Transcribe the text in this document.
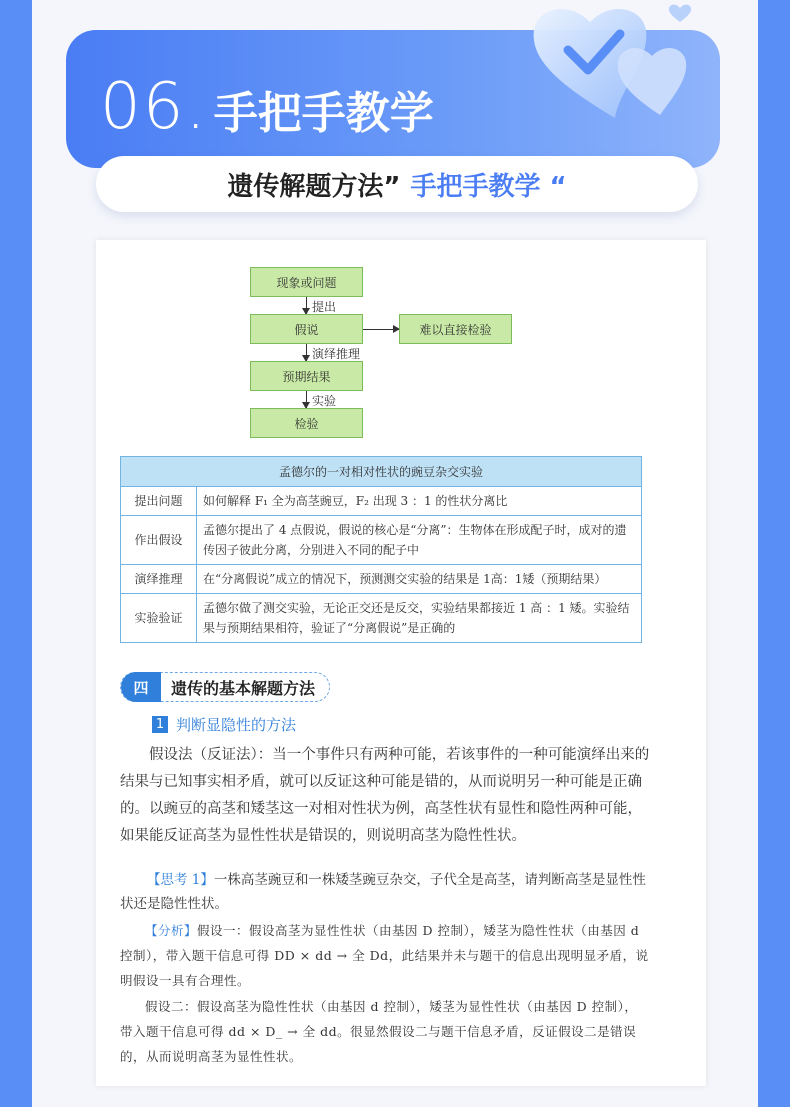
06. 手把手教学
遗传解题方法” 手把手教学 “
现象或问题
提出
假说	难以直接检验
演绎推理
预期结果
实验
检验
孟德尔的一对相对性状的豌豆杂交实验	
提出问题	如何解释 F₁ 全为高茎豌豆，F₂ 出现 3 ：1 的性状分离比
作出假设	孟德尔提出了 4 点假说，假说的核心是“分离”：生物体在形成配子时，成对的遗传因子彼此分离，分别进入不同的配子中
演绎推理	在“分离假说”成立的情况下，预测测交实验的结果是 1高：1矮（预期结果）
实验验证	孟德尔做了测交实验，无论正交还是反交，实验结果都接近 1 高 ：1 矮。实验结果与预期结果相符，验证了“分离假说”是正确的
四	遗传的基本解题方法
1 判断显隐性的方法

假设法（反证法）：当一个事件只有两种可能，若该事件的一种可能演绎出来的结果与已知事实相矛盾，就可以反证这种可能是错的，从而说明另一种可能是正确的。以豌豆的高茎和矮茎这一对相对性状为例，高茎性状有显性和隐性两种可能，如果能反证高茎为显性性状是错误的，则说明高茎为隐性性状。

【思考 1】一株高茎豌豆和一株矮茎豌豆杂交，子代全是高茎，请判断高茎是显性性状还是隐性性状。

【分析】假设一：假设高茎为显性性状（由基因 D 控制），矮茎为隐性性状（由基因 d 控制），带入题干信息可得 DD × dd → 全 Dd，此结果并未与题干的信息出现明显矛盾，说明假设一具有合理性。

假设二：假设高茎为隐性性状（由基因 d 控制），矮茎为显性性状（由基因 D 控制），带入题干信息可得 dd × D_ → 全 dd。很显然假设二与题干信息矛盾，反证假设二是错误的，从而说明高茎为显性性状。
